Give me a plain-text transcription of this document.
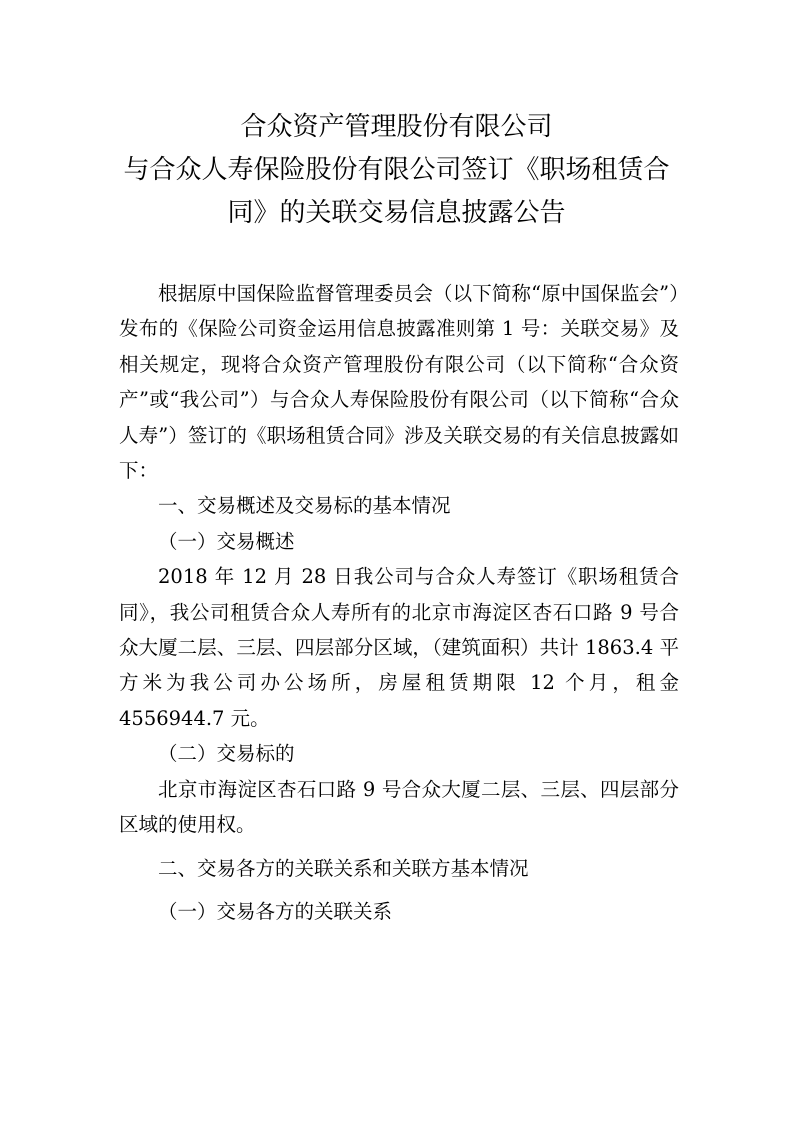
合众资产管理股份有限公司
与合众人寿保险股份有限公司签订《职场租赁合
同》的关联交易信息披露公告

根据原中国保险监督管理委员会（以下简称“原中国保监会”）发布的《保险公司资金运用信息披露准则第 1 号：关联交易》及相关规定，现将合众资产管理股份有限公司（以下简称“合众资产”或“我公司”）与合众人寿保险股份有限公司（以下简称“合众人寿”）签订的《职场租赁合同》涉及关联交易的有关信息披露如下：

一、交易概述及交易标的基本情况

（一）交易概述

2018 年 12 月 28 日我公司与合众人寿签订《职场租赁合同》，我公司租赁合众人寿所有的北京市海淀区杏石口路 9 号合众大厦二层、三层、四层部分区域，（建筑面积）共计 1863.4 平方米为我公司办公场所，房屋租赁期限 12 个月，租金 4556944.7 元。

（二）交易标的

北京市海淀区杏石口路 9 号合众大厦二层、三层、四层部分区域的使用权。

二、交易各方的关联关系和关联方基本情况

（一）交易各方的关联关系
